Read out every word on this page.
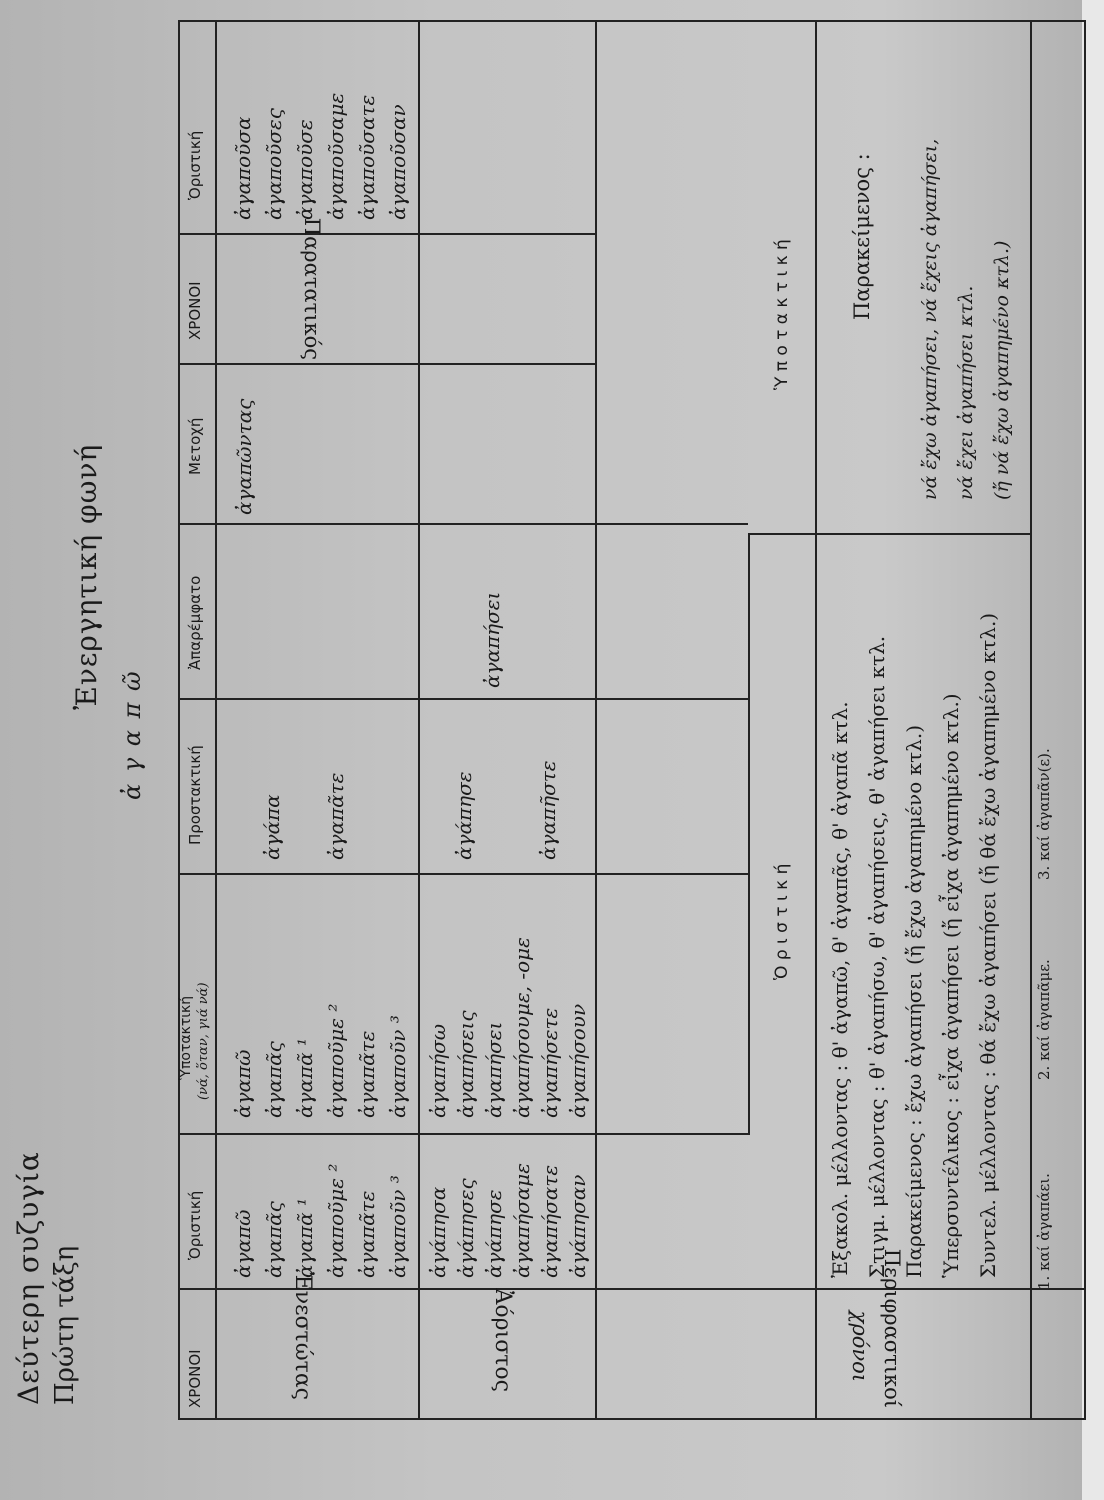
Δεύτερη συζυγία Πρώτη τάξη
Ἐνεργητική φωνή
ἀ γ α π ῶ
ΧΡΟΝΟΙ
Ὁριστική
Ὑποτακτική (νά, ὅταν, γιά νά)
Προστακτική
Ἀπαρέμφατο
Μετοχή
ΧΡΟΝΟΙ
Ὁριστική
Ἐνεστώτας
ἀγαπῶ ἀγαπᾶς ἀγαπᾶ ¹ ἀγαποῦμε ² ἀγαπᾶτε ἀγαποῦν ³
ἀγαπῶ ἀγαπᾶς ἀγαπᾶ ¹ ἀγαποῦμε ² ἀγαπᾶτε ἀγαποῦν ³
ἀγάπα ἀγαπᾶτε
ἀγαπῶντας
Παρατατικός
ἀγαποῦσα ἀγαποῦσες ἀγαποῦσε ἀγαποῦσαμε ἀγαποῦσατε ἀγαποῦσαν
Ἀόριστος
ἀγάπησα ἀγάπησες ἀγάπησε ἀγαπήσαμε ἀγαπήσατε ἀγάπησαν
ἀγαπήσω ἀγαπήσεις ἀγαπήσει ἀγαπήσουμε, -ομε ἀγαπήσετε ἀγαπήσουν
ἀγάπησε	ἀγαπῆστε
ἀγαπήσει
Περιφραστικοί
χρόνοι
Ὁ ρ ι σ τ ι κ ή
Ὑ π ο τ α κ τ ι κ ή
Ἐξακολ. μέλλοντας : θ' ἀγαπῶ, θ' ἀγαπᾶς, θ' ἀγαπᾶ κτλ. Στιγμ. μέλλοντας : θ' ἀγαπήσω, θ' ἀγαπήσεις, θ' ἀγαπήσει κτλ. Παρακείμενος : ἔχω ἀγαπήσει (ἤ ἔχω ἀγαπημένο κτλ.) Ὑπερσυντέλικος : εἶχα ἀγαπήσει (ἤ εἶχα ἀγαπημένο κτλ.) Συντελ. μέλλοντας : θά ἔχω ἀγαπήσει (ἤ θά ἔχω ἀγαπημένο κτλ.)
Παρακείμενος :	νά ἔχω ἀγαπήσει, νά ἔχεις ἀγαπήσει, νά ἔχει ἀγαπήσει κτλ. (ἤ νά ἔχω ἀγαπημένο κτλ.)
1. καί ἀγαπάει.
2. καί ἀγαπᾶμε.
3. καί ἀγαπᾶν(ε).
